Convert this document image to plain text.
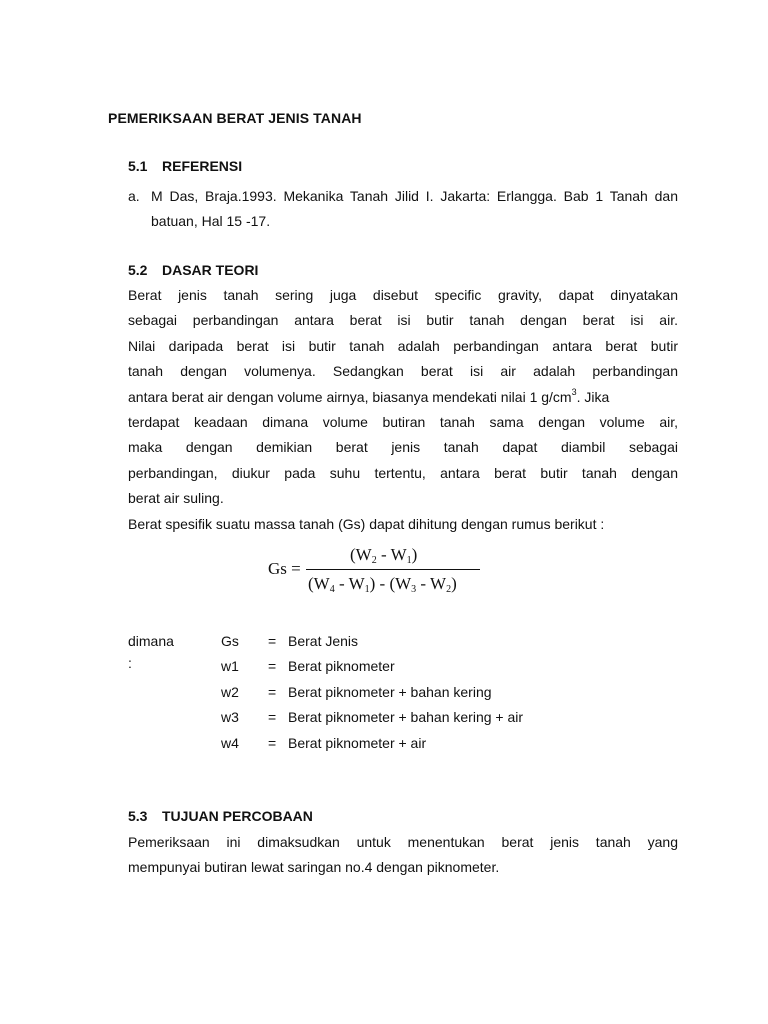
PEMERIKSAAN BERAT JENIS TANAH
5.1 REFERENSI
a. M Das, Braja.1993. Mekanika Tanah Jilid I. Jakarta: Erlangga. Bab 1 Tanah dan batuan, Hal 15 -17.
5.2 DASAR TEORI
Berat jenis tanah sering juga disebut specific gravity, dapat dinyatakan
sebagai perbandingan antara berat isi butir tanah dengan berat isi air.
Nilai daripada berat isi butir tanah adalah perbandingan antara berat butir
tanah dengan volumenya. Sedangkan berat isi air adalah perbandingan
antara berat air dengan volume airnya, biasanya mendekati nilai 1 $g/cm^3$. Jika
terdapat keadaan dimana volume butiran tanah sama dengan volume air,
maka dengan demikian berat jenis tanah dapat diambil sebagai
perbandingan, diukur pada suhu tertentu, antara berat butir tanah dengan
berat air suling.
Berat spesifik suatu massa tanah (Gs) dapat dihitung dengan rumus berikut :
Gs =
$(W_2 - W_1)$
$(W_4 - W_1) - (W_3 - W_2)$
dimana :
Gs = Berat Jenis
w1 = Berat piknometer
w2 = Berat piknometer + bahan kering
w3 = Berat piknometer + bahan kering + air
w4 = Berat piknometer + air
5.3 TUJUAN PERCOBAAN
Pemeriksaan ini dimaksudkan untuk menentukan berat jenis tanah yang
mempunyai butiran lewat saringan no.4 dengan piknometer.
